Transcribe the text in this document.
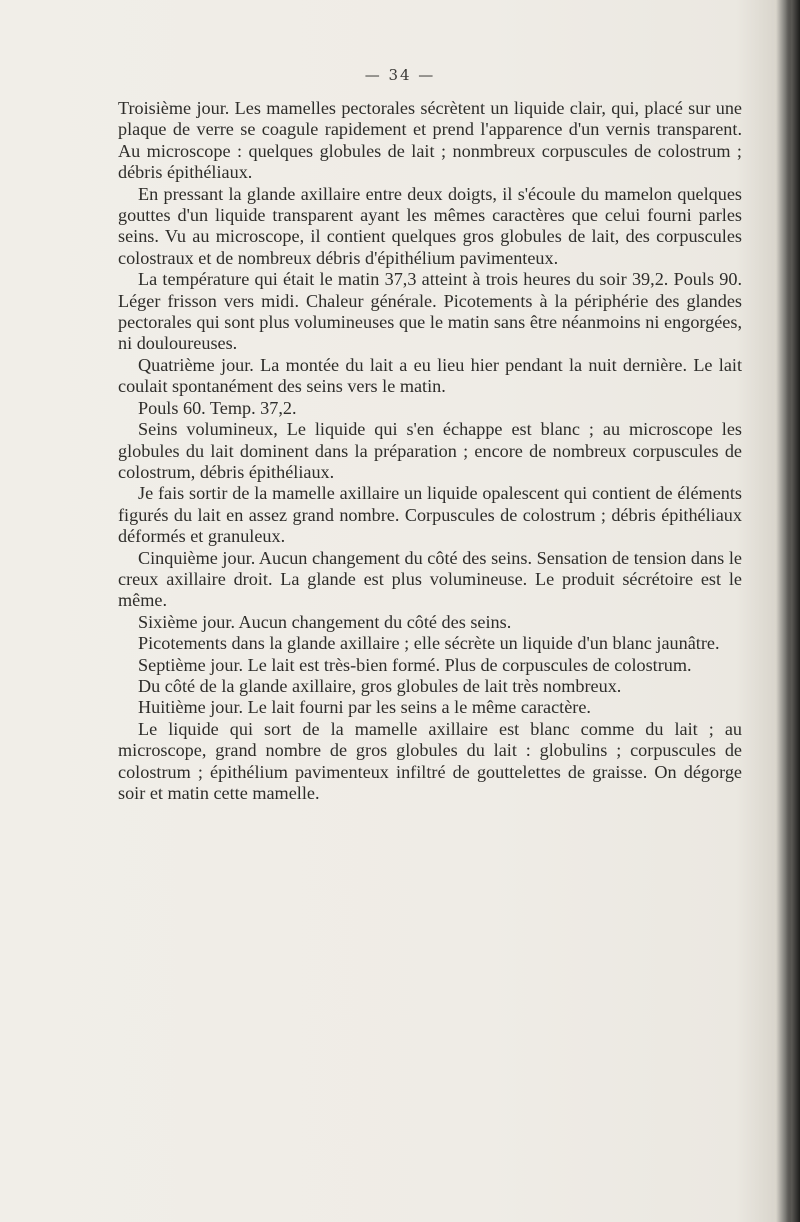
— 34 —

Troisième jour. Les mamelles pectorales sécrètent un liquide clair, qui, placé sur une plaque de verre se coagule rapidement et prend l'apparence d'un vernis transparent. Au microscope : quelques globules de lait ; nonmbreux corpuscules de colostrum ; débris épithéliaux.

En pressant la glande axillaire entre deux doigts, il s'écoule du mamelon quelques gouttes d'un liquide transparent ayant les mêmes caractères que celui fourni parles seins. Vu au microscope, il contient quelques gros globules de lait, des corpuscules colostraux et de nombreux débris d'épithélium pavimenteux.

La température qui était le matin 37,3 atteint à trois heures du soir 39,2. Pouls 90. Léger frisson vers midi. Chaleur générale. Picotements à la périphérie des glandes pectorales qui sont plus volumineuses que le matin sans être néanmoins ni engorgées, ni douloureuses.

Quatrième jour. La montée du lait a eu lieu hier pendant la nuit dernière. Le lait coulait spontanément des seins vers le matin.

Pouls 60. Temp. 37,2.

Seins volumineux, Le liquide qui s'en échappe est blanc ; au microscope les globules du lait dominent dans la préparation ; encore de nombreux corpuscules de colostrum, débris épithéliaux.

Je fais sortir de la mamelle axillaire un liquide opalescent qui contient de éléments figurés du lait en assez grand nombre. Corpuscules de colostrum ; débris épithéliaux déformés et granuleux.

Cinquième jour. Aucun changement du côté des seins. Sensation de tension dans le creux axillaire droit. La glande est plus volumineuse. Le produit sécrétoire est le même.

Sixième jour. Aucun changement du côté des seins.

Picotements dans la glande axillaire ; elle sécrète un liquide d'un blanc jaunâtre.

Septième jour. Le lait est très-bien formé. Plus de corpuscules de colostrum.

Du côté de la glande axillaire, gros globules de lait très nombreux.

Huitième jour. Le lait fourni par les seins a le même caractère.

Le liquide qui sort de la mamelle axillaire est blanc comme du lait ; au microscope, grand nombre de gros globules du lait : globulins ; corpuscules de colostrum ; épithélium pavimenteux infiltré de gouttelettes de graisse. On dégorge soir et matin cette mamelle.
